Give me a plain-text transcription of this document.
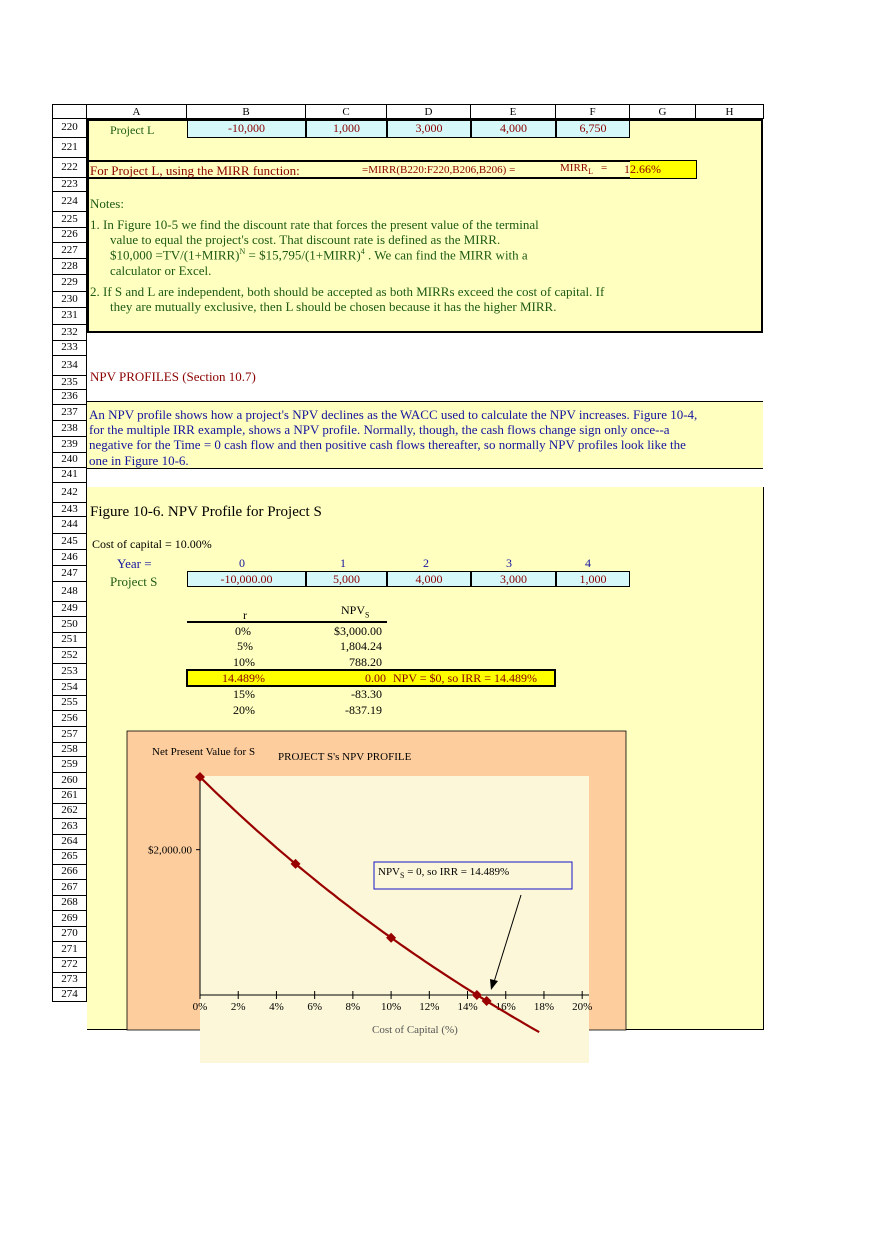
A	B	C	D	E	F	G	H
220
221
222
223
224
225
226
227
228
229
230
231
232
233
234
235
236
237
238
239
240
241
242
243
244
245
246
247
248
249
250
251
252
253
254
255
256
257
258
259
260
261
262
263
264
265
266
267
268
269
270
271
272
273
274
Project L	-10,000	1,000	3,000	4,000	6,750
For Project L, using the MIRR function:	=MIRR(B220:F220,B206,B206) =	$MIRR_L = 12.66\%$
Notes:
1. In Figure 10-5 we find the discount rate that forces the present value of the terminal
value to equal the project's cost. That discount rate is defined as the MIRR.
$10,000 =TV/(1+MIRR)$^N$ = $15,795/(1+MIRR)$^4$ . We can find the MIRR with a
calculator or Excel.
2. If S and L are independent, both should be accepted as both MIRRs exceed the cost of capital. If
they are mutually exclusive, then L should be chosen because it has the higher MIRR.
NPV PROFILES (Section 10.7)
An NPV profile shows how a project's NPV declines as the WACC used to calculate the NPV increases. Figure 10-4,
for the multiple IRR example, shows a NPV profile. Normally, though, the cash flows change sign only once--a
negative for the Time = 0 cash flow and then positive cash flows thereafter, so normally NPV profiles look like the
one in Figure 10-6.
Figure 10-6. NPV Profile for Project S
Cost of capital = 10.00%
Year =	0	1	2	3	4
Project S	-10,000.00	5,000	4,000	3,000	1,000
r	$NPV_S$
0%	$3,000.00
5%	1,804.24
10%	788.20
14.489%	0.00 NPV = $0, so IRR = 14.489%
15%	-83.30
20%	-837.19
Net Present Value for S PROJECT S's NPV PROFILE
0% 2% 4% 6% 8% 10% 12% 14% 16% 18% 20%
$2,000.00
Cost of Capital (%)
$NPV_S = 0$, so IRR = 14.489%
